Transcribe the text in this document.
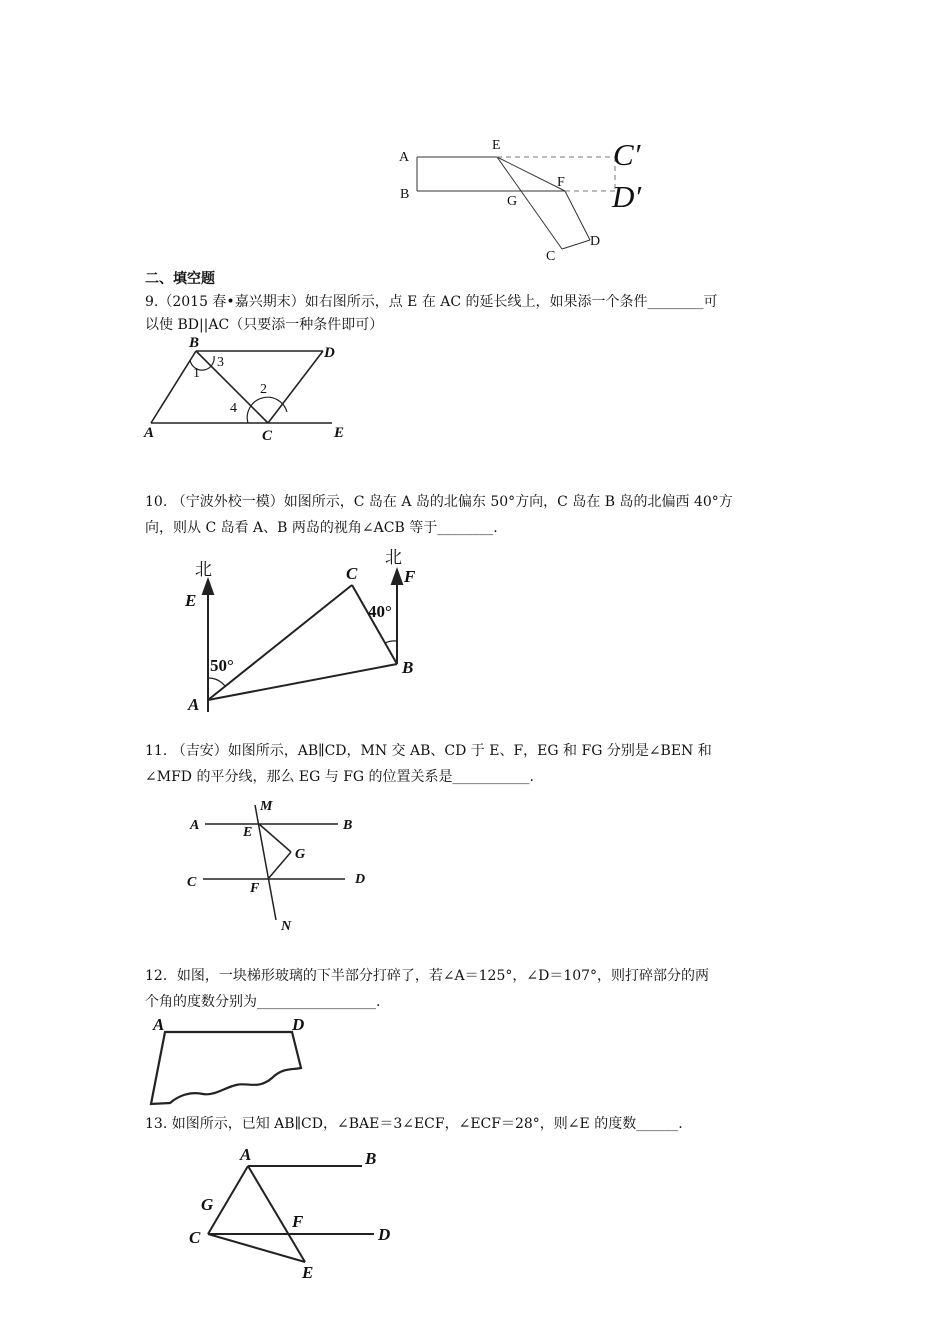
A
B
E
F
G
C
D
C′
D′
二、填空题
9.（2015 春•嘉兴期末）如右图所示，点 E 在 AC 的延长线上，如果添一个条件________可
以使 BD||AC（只要添一种条件即可）
B
D
A	C	E
1
3
4
2
10. （宁波外校一模）如图所示，C 岛在 A 岛的北偏东 50°方向，C 岛在 B 岛的北偏西 40°方
向，则从 C 岛看 A、B 两岛的视角∠ACB 等于________.
北
北
E
A
C	F
B
50°
40°
11. （吉安）如图所示，AB∥CD，MN 交 AB、CD 于 E、F，EG 和 FG 分别是∠BEN 和
∠MFD 的平分线，那么 EG 与 FG 的位置关系是___________.
A
M
B
E
G
C	F
D
N
12．如图，一块梯形玻璃的下半部分打碎了，若∠A＝125°，∠D＝107°，则打碎部分的两
个角的度数分别为_________________.
A	D
13. 如图所示，已知 AB∥CD，∠BAE＝3∠ECF，∠ECF＝28°，则∠E 的度数______.
A	B
G
F
C	D
E
